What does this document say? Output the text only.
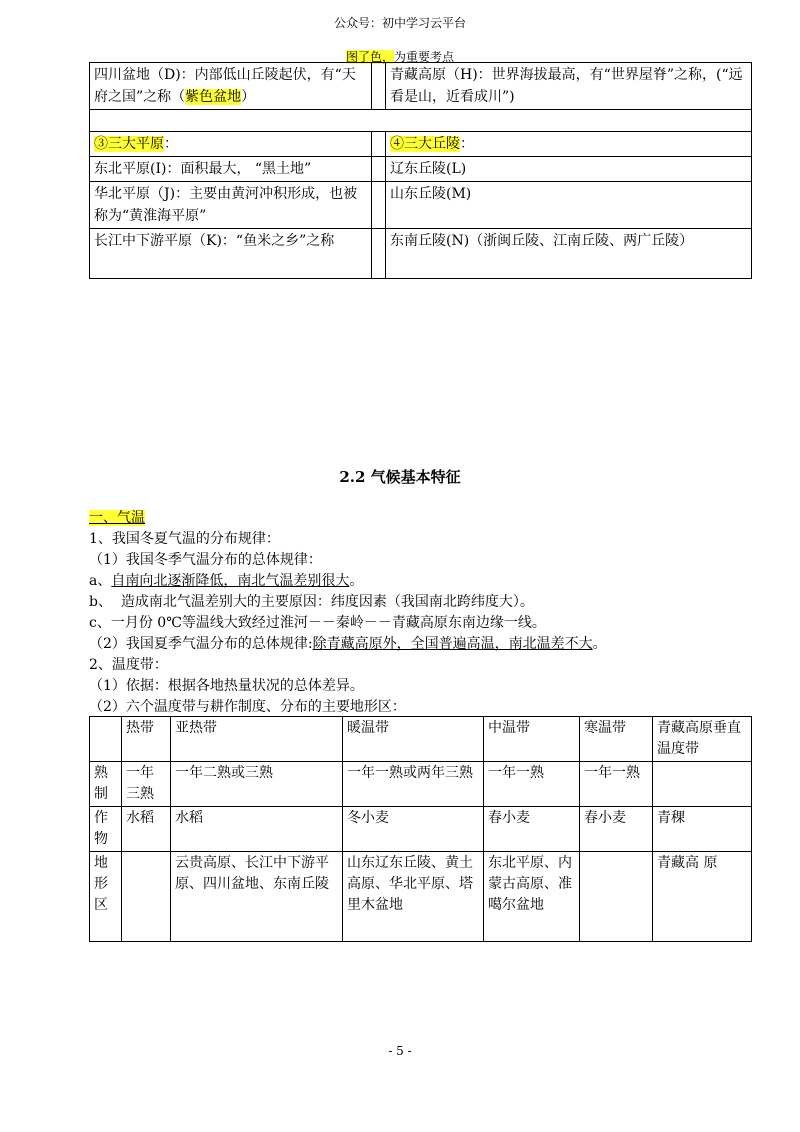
公众号：初中学习云平台
图了色，为重要考点
四川盆地（D)：内部低山丘陵起伏，有“天府之国”之称（紫色盆地）		青藏高原（H)：世界海拔最高，有“世界屋脊”之称，(“远看是山，近看成川”)

③三大平原：		④三大丘陵：
东北平原(I)：面积最大， “黑土地”		辽东丘陵(L)
华北平原（J)：主要由黄河冲积形成，也被称为“黄淮海平原”		山东丘陵(M)
长江中下游平原（K)：“鱼米之乡”之称		东南丘陵(N)（浙闽丘陵、江南丘陵、两广丘陵）
2.2 气候基本特征
一、气温
1、我国冬夏气温的分布规律：
（1）我国冬季气温分布的总体规律：
a、自南向北逐渐降低，南北气温差别很大。
b、  造成南北气温差别大的主要原因：纬度因素（我国南北跨纬度大）。
c、一月份 0℃等温线大致经过淮河－－秦岭－－青藏高原东南边缘一线。
（2）我国夏季气温分布的总体规律:除青藏高原外，全国普遍高温，南北温差不大。
2、温度带：
（1）依据：根据各地热量状况的总体差异。
（2）六个温度带与耕作制度、分布的主要地形区：
	热带	亚热带	暖温带	中温带	寒温带	青藏高原垂直温度带
熟制	一年三熟	一年二熟或三熟	一年一熟或两年三熟	一年一熟	一年一熟	
作物	水稻	水稻	冬小麦	春小麦	春小麦	青稞
地形区		云贵高原、长江中下游平原、四川盆地、东南丘陵	山东辽东丘陵、黄土高原、华北平原、塔里木盆地	东北平原、内蒙古高原、准噶尔盆地		青藏高 原
- 5 -
